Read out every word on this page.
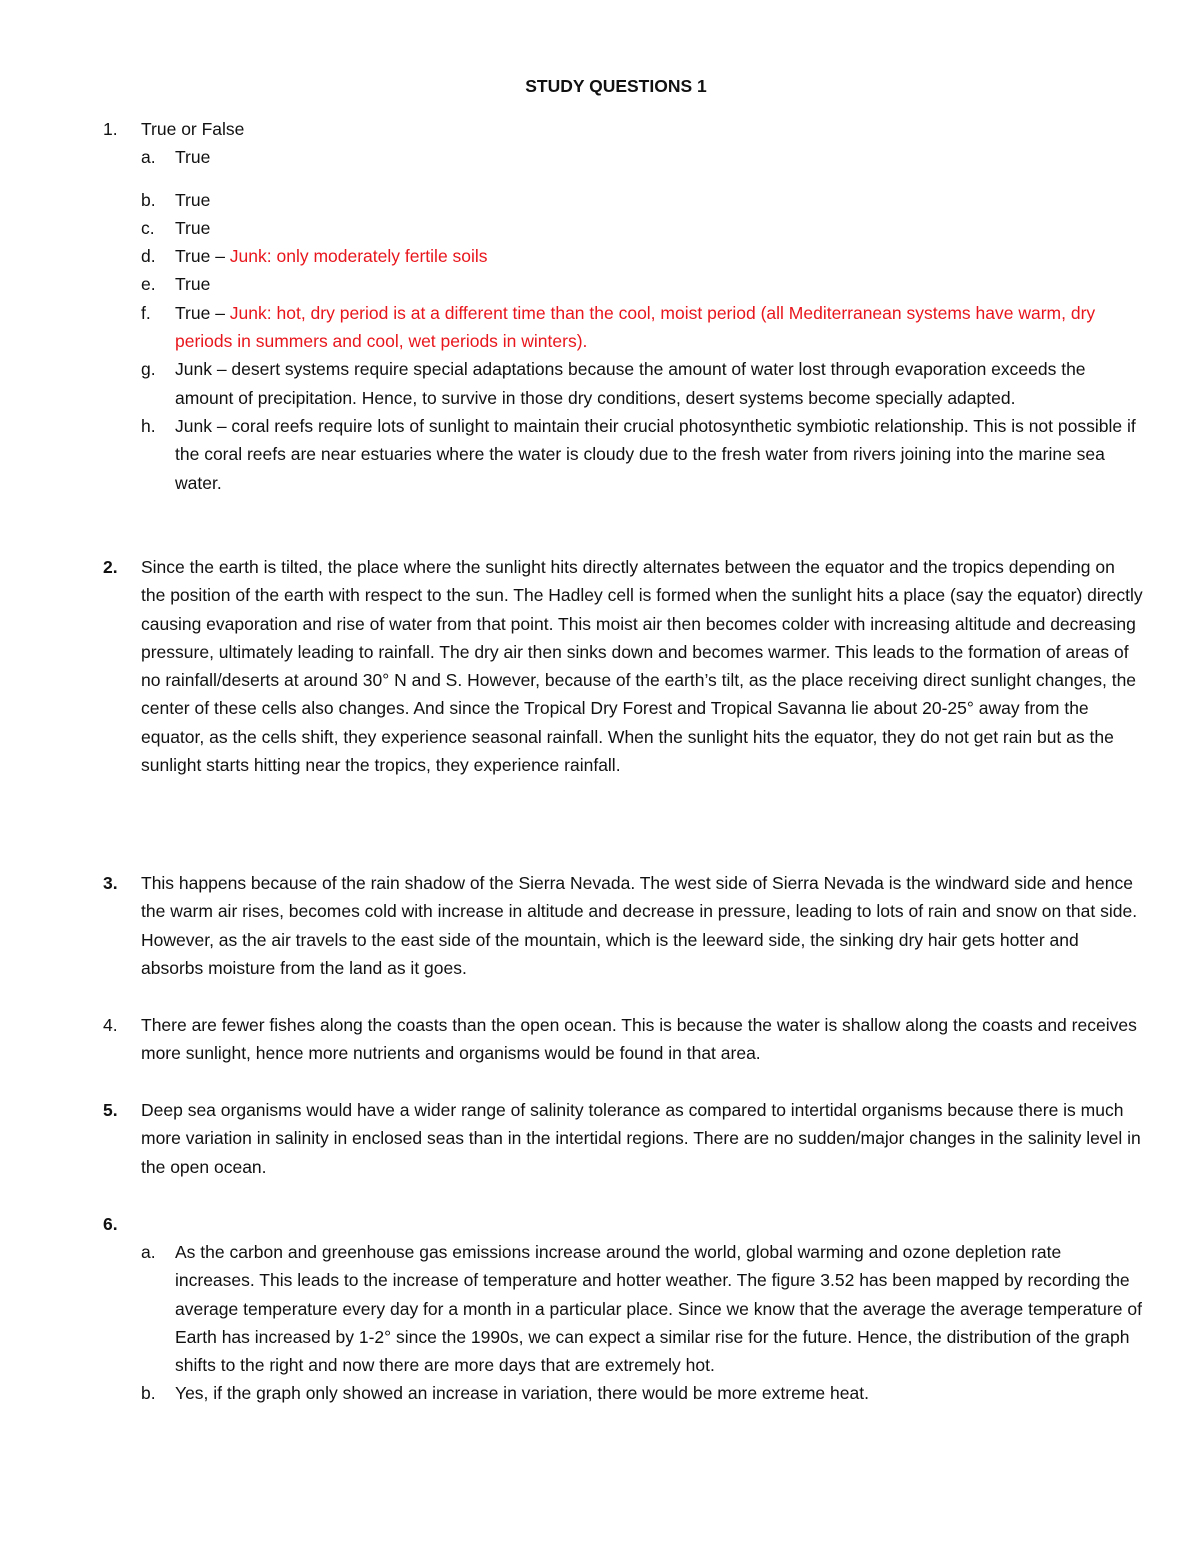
STUDY QUESTIONS 1
1.	True or False
a. True
b. True
c. True
d. True – Junk: only moderately fertile soils
e. True
f. True – Junk: hot, dry period is at a different time than the cool, moist period (all Mediterranean systems have warm, dry periods in summers and cool, wet periods in winters).
g. Junk – desert systems require special adaptations because the amount of water lost through evaporation exceeds the amount of precipitation. Hence, to survive in those dry conditions, desert systems become specially adapted.
h. Junk – coral reefs require lots of sunlight to maintain their crucial photosynthetic symbiotic relationship. This is not possible if the coral reefs are near estuaries where the water is cloudy due to the fresh water from rivers joining into the marine sea water.
2.	Since the earth is tilted, the place where the sunlight hits directly alternates between the equator and the tropics depending on the position of the earth with respect to the sun. The Hadley cell is formed when the sunlight hits a place (say the equator) directly causing evaporation and rise of water from that point. This moist air then becomes colder with increasing altitude and decreasing pressure, ultimately leading to rainfall. The dry air then sinks down and becomes warmer. This leads to the formation of areas of no rainfall/deserts at around 30° N and S. However, because of the earth’s tilt, as the place receiving direct sunlight changes, the center of these cells also changes. And since the Tropical Dry Forest and Tropical Savanna lie about 20-25° away from the equator, as the cells shift, they experience seasonal rainfall. When the sunlight hits the equator, they do not get rain but as the sunlight starts hitting near the tropics, they experience rainfall.
3.	This happens because of the rain shadow of the Sierra Nevada. The west side of Sierra Nevada is the windward side and hence the warm air rises, becomes cold with increase in altitude and decrease in pressure, leading to lots of rain and snow on that side. However, as the air travels to the east side of the mountain, which is the leeward side, the sinking dry hair gets hotter and absorbs moisture from the land as it goes.
4.	There are fewer fishes along the coasts than the open ocean. This is because the water is shallow along the coasts and receives more sunlight, hence more nutrients and organisms would be found in that area.
5.	Deep sea organisms would have a wider range of salinity tolerance as compared to intertidal organisms because there is much more variation in salinity in enclosed seas than in the intertidal regions. There are no sudden/major changes in the salinity level in the open ocean.
6.
a. As the carbon and greenhouse gas emissions increase around the world, global warming and ozone depletion rate increases. This leads to the increase of temperature and hotter weather. The figure 3.52 has been mapped by recording the average temperature every day for a month in a particular place. Since we know that the average the average temperature of Earth has increased by 1-2° since the 1990s, we can expect a similar rise for the future. Hence, the distribution of the graph shifts to the right and now there are more days that are extremely hot.
b. Yes, if the graph only showed an increase in variation, there would be more extreme heat.
